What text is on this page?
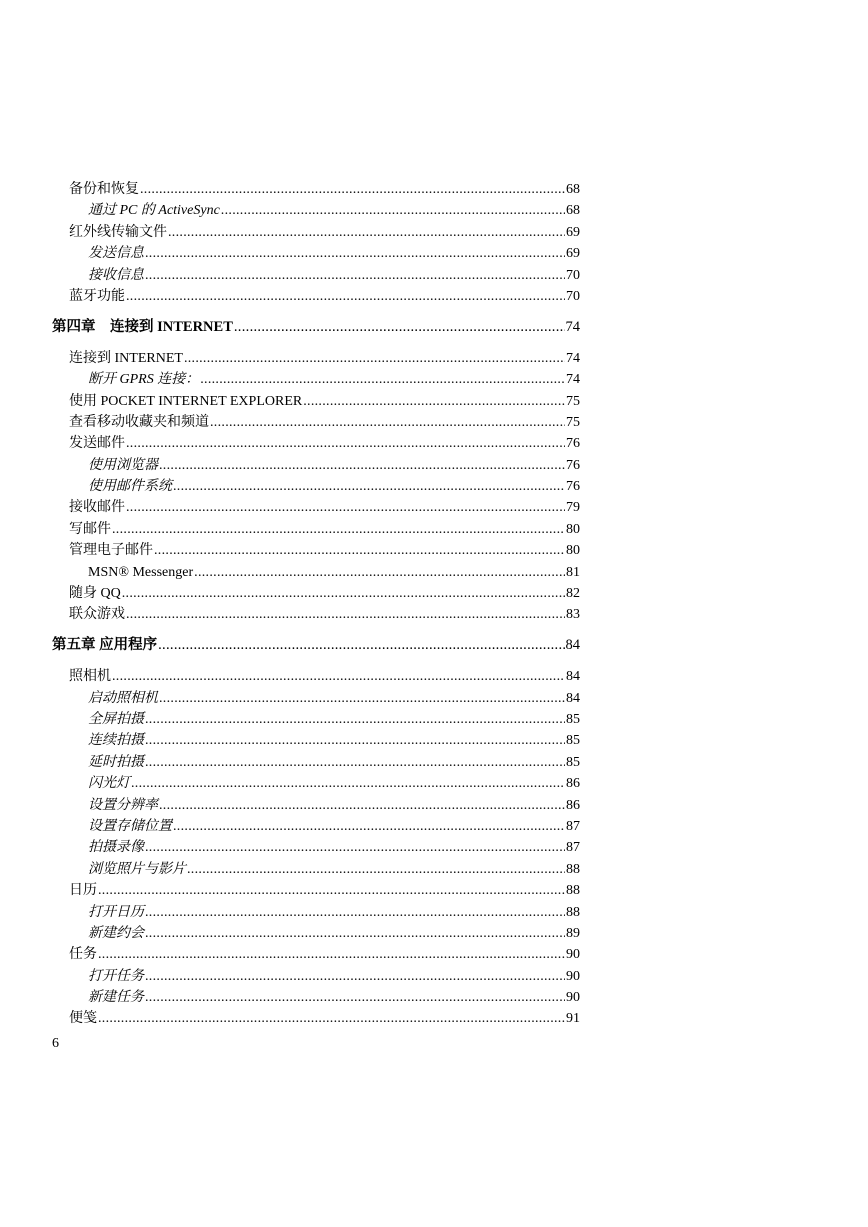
备份和恢复 .....	68
通过 PC 的 ActiveSync .....	68
红外线传输文件 .....	69
发送信息 .....	69
接收信息 .....	70
蓝牙功能 .....	70
第四章　连接到 INTERNET .....	74
连接到 INTERNET .....	74
断开 GPRS 连接： .....	74
使用 POCKET INTERNET EXPLORER .....	75
查看移动收藏夹和频道 .....	75
发送邮件 .....	76
使用浏览器 .....	76
使用邮件系统 .....	76
接收邮件 .....	79
写邮件 .....	80
管理电子邮件 .....	80
MSN® Messenger .....	81
随身 QQ .....	82
联众游戏 .....	83
第五章 应用程序 .....	84
照相机 .....	84
启动照相机 .....	84
全屏拍摄 .....	85
连续拍摄 .....	85
延时拍摄 .....	85
闪光灯 .....	86
设置分辨率 .....	86
设置存储位置 .....	87
拍摄录像 .....	87
浏览照片与影片 .....	88
日历 .....	88
打开日历 .....	88
新建约会 .....	89
任务 .....	90
打开任务 .....	90
新建任务 .....	90
便笺 .....	91
6
